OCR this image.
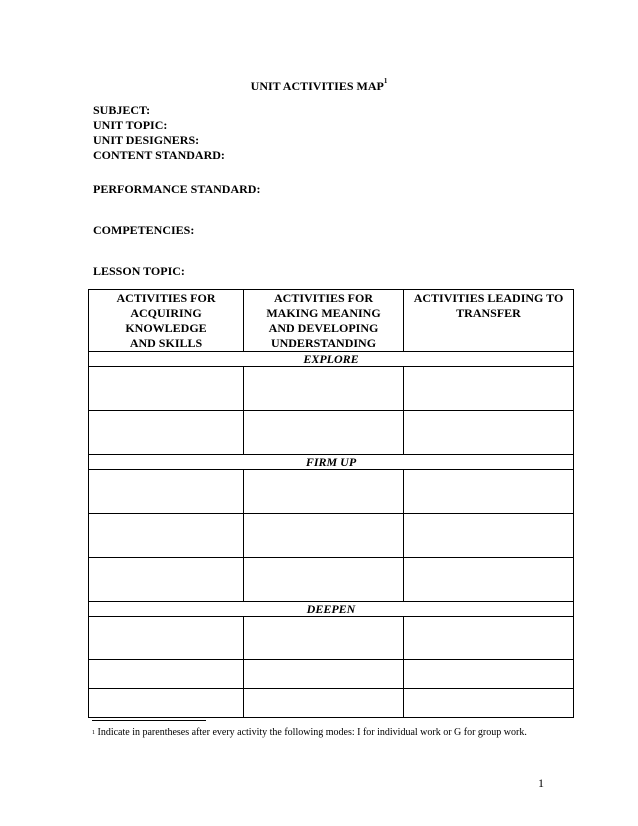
UNIT ACTIVITIES MAP$^1$
SUBJECT:
UNIT TOPIC:
UNIT DESIGNERS:
CONTENT STANDARD:
PERFORMANCE STANDARD:
COMPETENCIES:
LESSON TOPIC:
ACTIVITIES FOR ACQUIRING KNOWLEDGE AND SKILLS	ACTIVITIES FOR MAKING MEANING AND DEVELOPING UNDERSTANDING	ACTIVITIES LEADING TO TRANSFER

EXPLORE		

FIRM UP		

DEEPEN		

$^1$ Indicate in parentheses after every activity the following modes: I for individual work or G for group work.
1
